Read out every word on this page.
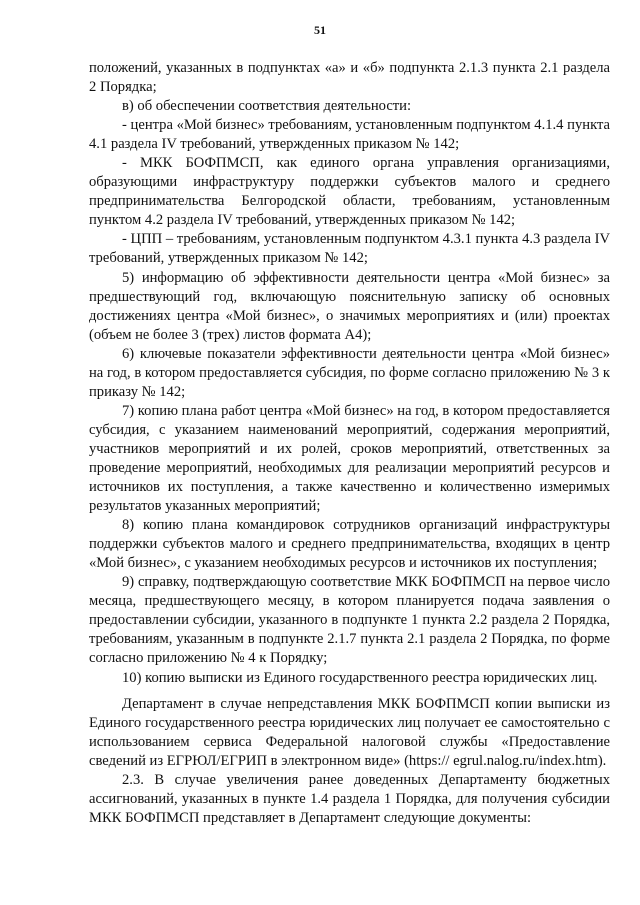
51

положений, указанных в подпунктах «а» и «б» подпункта 2.1.3 пункта 2.1 раздела 2 Порядка;

в) об обеспечении соответствия деятельности:

- центра «Мой бизнес» требованиям, установленным подпунктом 4.1.4 пункта 4.1 раздела IV требований, утвержденных приказом № 142;

- МКК БОФПМСП, как единого органа управления организациями, образующими инфраструктуру поддержки субъектов малого и среднего предпринимательства Белгородской области, требованиям, установленным пунктом 4.2 раздела IV требований, утвержденных приказом № 142;

- ЦПП – требованиям, установленным подпунктом 4.3.1 пункта 4.3 раздела IV требований, утвержденных приказом № 142;

5) информацию об эффективности деятельности центра «Мой бизнес» за предшествующий год, включающую пояснительную записку об основных достижениях центра «Мой бизнес», о значимых мероприятиях и (или) проектах (объем не более 3 (трех) листов формата А4);

6) ключевые показатели эффективности деятельности центра «Мой бизнес» на год, в котором предоставляется субсидия, по форме согласно приложению № 3 к приказу № 142;

7) копию плана работ центра «Мой бизнес» на год, в котором предоставляется субсидия, с указанием наименований мероприятий, содержания мероприятий, участников мероприятий и их ролей, сроков мероприятий, ответственных за проведение мероприятий, необходимых для реализации мероприятий ресурсов и источников их поступления, а также качественно и количественно измеримых результатов указанных мероприятий;

8) копию плана командировок сотрудников организаций инфраструктуры поддержки субъектов малого и среднего предпринимательства, входящих в центр «Мой бизнес», с указанием необходимых ресурсов и источников их поступления;

9) справку, подтверждающую соответствие МКК БОФПМСП на первое число месяца, предшествующего месяцу, в котором планируется подача заявления о предоставлении субсидии, указанного в подпункте 1 пункта 2.2 раздела 2 Порядка, требованиям, указанным в подпункте 2.1.7 пункта 2.1 раздела 2 Порядка, по форме согласно приложению № 4 к Порядку;

10) копию выписки из Единого государственного реестра юридических лиц.

Департамент в случае непредставления МКК БОФПМСП копии выписки из Единого государственного реестра юридических лиц получает ее самостоятельно с использованием сервиса Федеральной налоговой службы «Предоставление сведений из ЕГРЮЛ/ЕГРИП в электронном виде» (https:// egrul.nalog.ru/index.htm).

2.3. В случае увеличения ранее доведенных Департаменту бюджетных ассигнований, указанных в пункте 1.4 раздела 1 Порядка, для получения субсидии МКК БОФПМСП представляет в Департамент следующие документы:
